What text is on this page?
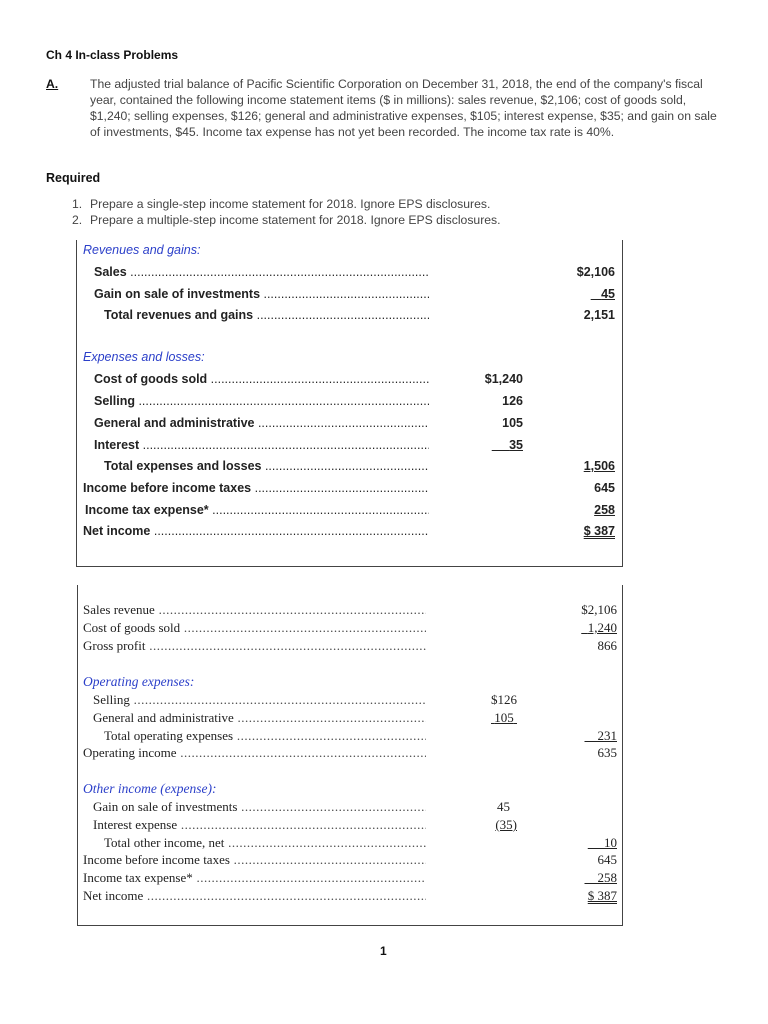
Ch 4 In-class Problems
A.	The adjusted trial balance of Pacific Scientific Corporation on December 31, 2018, the end of the company's fiscal year, contained the following income statement items ($ in millions): sales revenue, $2,106; cost of goods sold, $1,240; selling expenses, $126; general and administrative expenses, $105; interest expense, $35; and gain on sale of investments, $45. Income tax expense has not yet been recorded. The income tax rate is 40%.
Required
1. Prepare a single-step income statement for 2018. Ignore EPS disclosures.
2. Prepare a multiple-step income statement for 2018. Ignore EPS disclosures.
Revenues and gains:
Sales .....	$2,106
Gain on sale of investments .....	45
Total revenues and gains .....	2,151
Expenses and losses:
Cost of goods sold .....	$1,240
Selling .....	126
General and administrative .....	105
Interest .....	35
Total expenses and losses .....	1,506
Income before income taxes .....	645
Income tax expense* .....	258
Net income .....	$ 387
Sales revenue .....	$2,106
Cost of goods sold .....	1,240
Gross profit .....	866
Operating expenses:
Selling .....	$126
General and administrative .....	105
Total operating expenses .....	231
Operating income .....	635
Other income (expense):
Gain on sale of investments .....	45
Interest expense .....	(35)
Total other income, net .....	10
Income before income taxes .....	645
Income tax expense* .....	258
Net income .....	$ 387
1
